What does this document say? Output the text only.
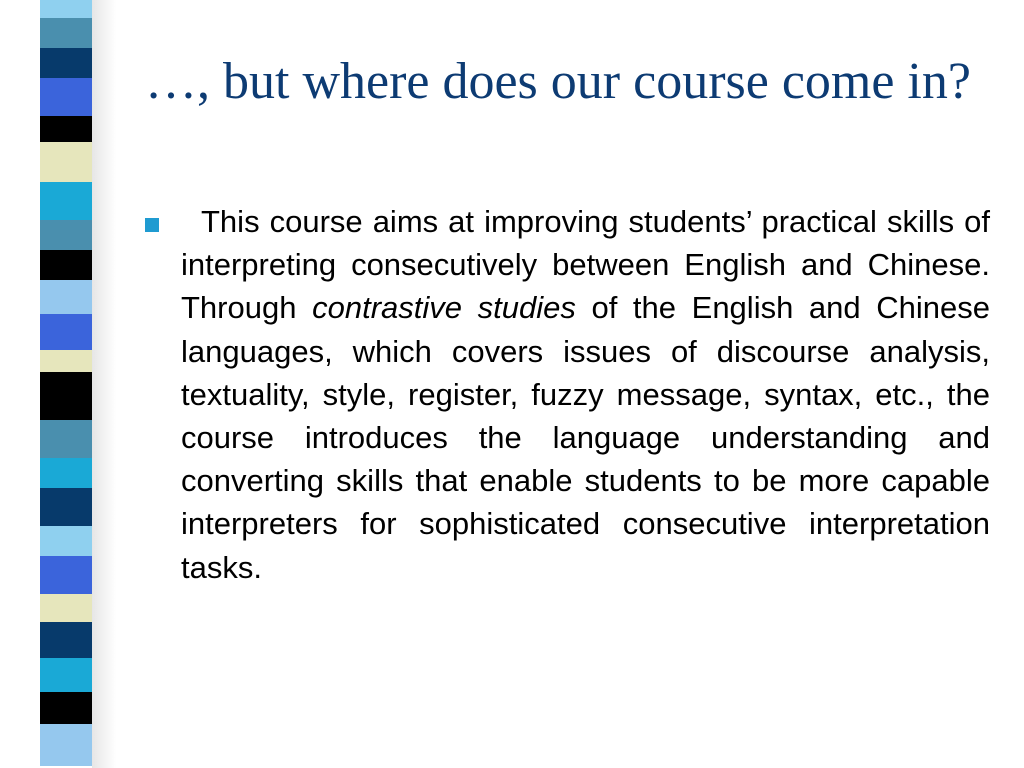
…, but where does our course come in?

This course aims at improving students’ practical skills of interpreting consecutively between English and Chinese. Through contrastive studies of the English and Chinese languages, which covers issues of discourse analysis, textuality, style, register, fuzzy message, syntax, etc., the course introduces the language understanding and converting skills that enable students to be more capable interpreters for sophisticated consecutive interpretation tasks.
